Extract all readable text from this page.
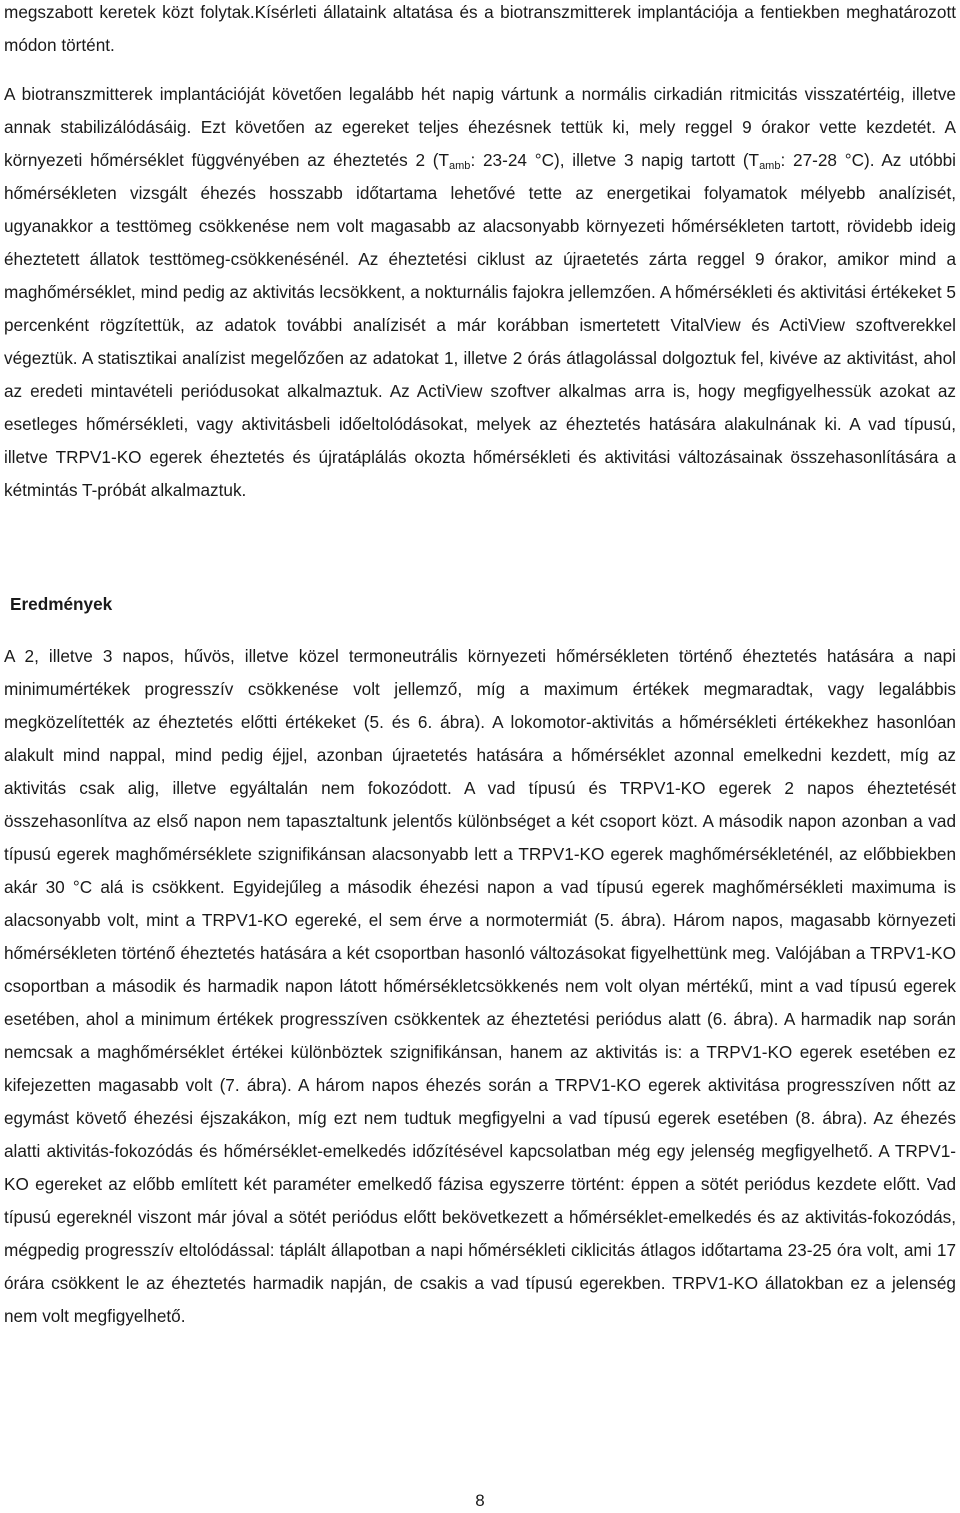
megszabott keretek közt folytak.Kísérleti állataink altatása és a biotranszmitterek implantációja a fentiekben meghatározott módon történt.

A biotranszmitterek implantációját követően legalább hét napig vártunk a normális cirkadián ritmicitás visszatértéig, illetve annak stabilizálódásáig. Ezt követően az egereket teljes éhezésnek tettük ki, mely reggel 9 órakor vette kezdetét. A környezeti hőmérséklet függvényében az éheztetés 2 ($T_{amb}$: 23-24 °C), illetve 3 napig tartott ($T_{amb}$: 27-28 °C). Az utóbbi hőmérsékleten vizsgált éhezés hosszabb időtartama lehetővé tette az energetikai folyamatok mélyebb analízisét, ugyanakkor a testtömeg csökkenése nem volt magasabb az alacsonyabb környezeti hőmérsékleten tartott, rövidebb ideig éheztetett állatok testtömeg-csökkenésénél. Az éheztetési ciklust az újraetetés zárta reggel 9 órakor, amikor mind a maghőmérséklet, mind pedig az aktivitás lecsökkent, a nokturnális fajokra jellemzően. A hőmérsékleti és aktivitási értékeket 5 percenként rögzítettük, az adatok további analízisét a már korábban ismertetett VitalView és ActiView szoftverekkel végeztük. A statisztikai analízist megelőzően az adatokat 1, illetve 2 órás átlagolással dolgoztuk fel, kivéve az aktivitást, ahol az eredeti mintavételi periódusokat alkalmaztuk. Az ActiView szoftver alkalmas arra is, hogy megfigyelhessük azokat az esetleges hőmérsékleti, vagy aktivitásbeli időeltolódásokat, melyek az éheztetés hatására alakulnának ki. A vad típusú, illetve TRPV1-KO egerek éheztetés és újratáplálás okozta hőmérsékleti és aktivitási változásainak összehasonlítására a kétmintás T-próbát alkalmaztuk.

Eredmények

A 2, illetve 3 napos, hűvös, illetve közel termoneutrális környezeti hőmérsékleten történő éheztetés hatására a napi minimumértékek progresszív csökkenése volt jellemző, míg a maximum értékek megmaradtak, vagy legalábbis megközelítették az éheztetés előtti értékeket (5. és 6. ábra). A lokomotor-aktivitás a hőmérsékleti értékekhez hasonlóan alakult mind nappal, mind pedig éjjel, azonban újraetetés hatására a hőmérséklet azonnal emelkedni kezdett, míg az aktivitás csak alig, illetve egyáltalán nem fokozódott. A vad típusú és TRPV1-KO egerek 2 napos éheztetését összehasonlítva az első napon nem tapasztaltunk jelentős különbséget a két csoport közt. A második napon azonban a vad típusú egerek maghőmérséklete szignifikánsan alacsonyabb lett a TRPV1-KO egerek maghőmérsékleténél, az előbbiekben akár 30 °C alá is csökkent. Egyidejűleg a második éhezési napon a vad típusú egerek maghőmérsékleti maximuma is alacsonyabb volt, mint a TRPV1-KO egereké, el sem érve a normotermiát (5. ábra). Három napos, magasabb környezeti hőmérsékleten történő éheztetés hatására a két csoportban hasonló változásokat figyelhettünk meg. Valójában a TRPV1-KO csoportban a második és harmadik napon látott hőmérsékletcsökkenés nem volt olyan mértékű, mint a vad típusú egerek esetében, ahol a minimum értékek progresszíven csökkentek az éheztetési periódus alatt (6. ábra). A harmadik nap során nemcsak a maghőmérséklet értékei különböztek szignifikánsan, hanem az aktivitás is: a TRPV1-KO egerek esetében ez kifejezetten magasabb volt (7. ábra). A három napos éhezés során a TRPV1-KO egerek aktivitása progresszíven nőtt az egymást követő éhezési éjszakákon, míg ezt nem tudtuk megfigyelni a vad típusú egerek esetében (8. ábra). Az éhezés alatti aktivitás-fokozódás és hőmérséklet-emelkedés időzítésével kapcsolatban még egy jelenség megfigyelhető. A TRPV1-KO egereket az előbb említett két paraméter emelkedő fázisa egyszerre történt: éppen a sötét periódus kezdete előtt. Vad típusú egereknél viszont már jóval a sötét periódus előtt bekövetkezett a hőmérséklet-emelkedés és az aktivitás-fokozódás, mégpedig progresszív eltolódással: táplált állapotban a napi hőmérsékleti ciklicitás átlagos időtartama 23-25 óra volt, ami 17 órára csökkent le az éheztetés harmadik napján, de csakis a vad típusú egerekben. TRPV1-KO állatokban ez a jelenség nem volt megfigyelhető.

8
